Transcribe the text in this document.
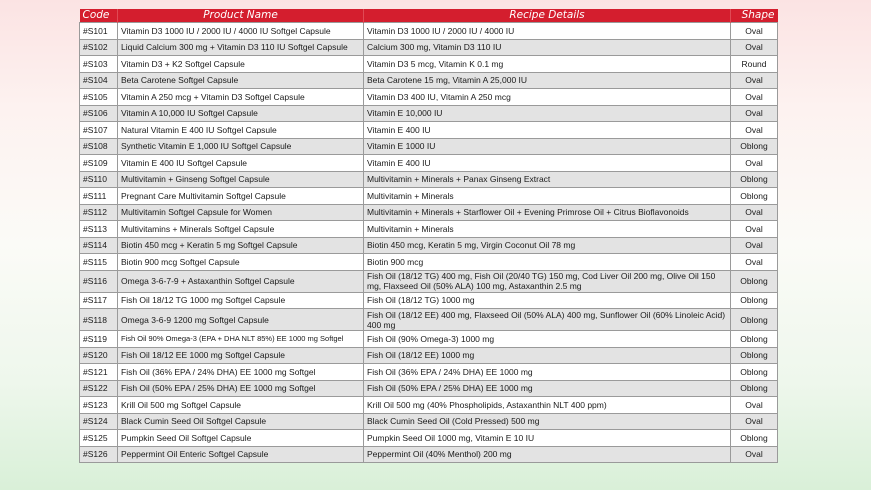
Code	Product Name	Recipe Details	Shape
#S101	Vitamin D3 1000 IU / 2000 IU / 4000 IU Softgel Capsule	Vitamin D3 1000 IU / 2000 IU / 4000 IU	Oval
#S102	Liquid Calcium 300 mg + Vitamin D3 110 IU Softgel Capsule	Calcium 300 mg, Vitamin D3 110 IU	Oval
#S103	Vitamin D3 + K2 Softgel Capsule	Vitamin D3 5 mcg, Vitamin K 0.1 mg	Round
#S104	Beta Carotene Softgel Capsule	Beta Carotene 15 mg, Vitamin A 25,000 IU	Oval
#S105	Vitamin A 250 mcg + Vitamin D3 Softgel Capsule	Vitamin D3 400 IU, Vitamin A 250 mcg	Oval
#S106	Vitamin A 10,000 IU Softgel Capsule	Vitamin E 10,000 IU	Oval
#S107	Natural Vitamin E 400 IU Softgel Capsule	Vitamin E 400 IU	Oval
#S108	Synthetic Vitamin E 1,000 IU Softgel Capsule	Vitamin E 1000 IU	Oblong
#S109	Vitamin E 400 IU Softgel Capsule	Vitamin E 400 IU	Oval
#S110	Multivitamin + Ginseng Softgel Capsule	Multivitamin + Minerals + Panax Ginseng Extract	Oblong
#S111	Pregnant Care Multivitamin Softgel Capsule	Multivitamin + Minerals	Oblong
#S112	Multivitamin Softgel Capsule for Women	Multivitamin + Minerals + Starflower Oil + Evening Primrose Oil + Citrus Bioflavonoids	Oval
#S113	Multivitamins + Minerals Softgel Capsule	Multivitamin + Minerals	Oval
#S114	Biotin 450 mcg + Keratin 5 mg Softgel Capsule	Biotin 450 mcg, Keratin 5 mg, Virgin Coconut Oil 78 mg	Oval
#S115	Biotin 900 mcg Softgel Capsule	Biotin 900 mcg	Oval
#S116	Omega 3-6-7-9 + Astaxanthin Softgel Capsule	Fish Oil (18/12 TG) 400 mg, Fish Oil (20/40 TG) 150 mg, Cod Liver Oil 200 mg, Olive Oil 150 mg, Flaxseed Oil (50% ALA) 100 mg, Astaxanthin 2.5 mg	Oblong
#S117	Fish Oil 18/12 TG 1000 mg Softgel Capsule	Fish Oil (18/12 TG) 1000 mg	Oblong
#S118	Omega 3-6-9 1200 mg Softgel Capsule	Fish Oil (18/12 EE) 400 mg, Flaxseed Oil (50% ALA) 400 mg, Sunflower Oil (60% Linoleic Acid) 400 mg	Oblong
#S119	Fish Oil 90% Omega-3 (EPA + DHA NLT 85%) EE 1000 mg Softgel	Fish Oil (90% Omega-3) 1000 mg	Oblong
#S120	Fish Oil 18/12 EE 1000 mg Softgel Capsule	Fish Oil (18/12 EE) 1000 mg	Oblong
#S121	Fish Oil (36% EPA / 24% DHA) EE 1000 mg Softgel	Fish Oil (36% EPA / 24% DHA) EE 1000 mg	Oblong
#S122	Fish Oil (50% EPA / 25% DHA) EE 1000 mg Softgel	Fish Oil (50% EPA / 25% DHA) EE 1000 mg	Oblong
#S123	Krill Oil 500 mg Softgel Capsule	Krill Oil 500 mg (40% Phospholipids, Astaxanthin NLT 400 ppm)	Oval
#S124	Black Cumin Seed Oil Softgel Capsule	Black Cumin Seed Oil (Cold Pressed) 500 mg	Oval
#S125	Pumpkin Seed Oil Softgel Capsule	Pumpkin Seed Oil 1000 mg, Vitamin E 10 IU	Oblong
#S126	Peppermint Oil Enteric Softgel Capsule	Peppermint Oil (40% Menthol) 200 mg	Oval
